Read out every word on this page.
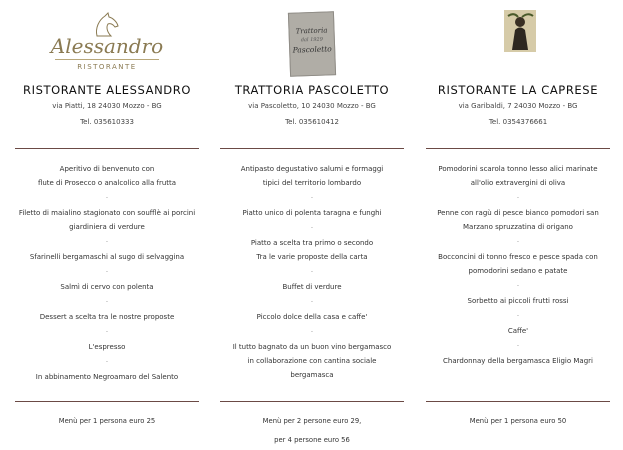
Alessandro
RISTORANTE
RISTORANTE ALESSANDRO
via Piatti, 18 24030 Mozzo - BG
Tel. 035610333
Aperitivo di benvenuto con
flute di Prosecco o analcolico alla frutta
-
Filetto di maialino stagionato con soufflè ai porcini
giardiniera di verdure
-
Sfarinelli bergamaschi al sugo di selvaggina
-
Salmì di cervo con polenta
-
Dessert a scelta tra le nostre proposte
-
L'espresso
-
In abbinamento Negroamaro del Salento
Menù per 1 persona euro 25
Trattoria
dal 1929
Pascoletto
TRATTORIA PASCOLETTO
via Pascoletto, 10 24030 Mozzo - BG
Tel. 035610412
Antipasto degustativo salumi e formaggi
tipici del territorio lombardo
-
Piatto unico di polenta taragna e funghi
-
Piatto a scelta tra primo o secondo
Tra le varie proposte della carta
-
Buffet di verdure
-
Piccolo dolce della casa e caffe'
-
Il tutto bagnato da un buon vino bergamasco
in collaborazione con cantina sociale
bergamasca
Menù per 2 persone euro 29,
per 4 persone euro 56
RISTORANTE LA CAPRESE
via Garibaldi, 7 24030 Mozzo - BG
Tel. 0354376661
Pomodorini scarola tonno lesso alici marinate
all'olio extravergini di oliva
-
Penne con ragù di pesce bianco pomodori san
Marzano spruzzatina di origano
-
Bocconcini di tonno fresco e pesce spada con
pomodorini sedano e patate
-
Sorbetto ai piccoli frutti rossi
-
Caffe'
-
Chardonnay della bergamasca Eligio Magri
Menù per 1 persona euro 50
